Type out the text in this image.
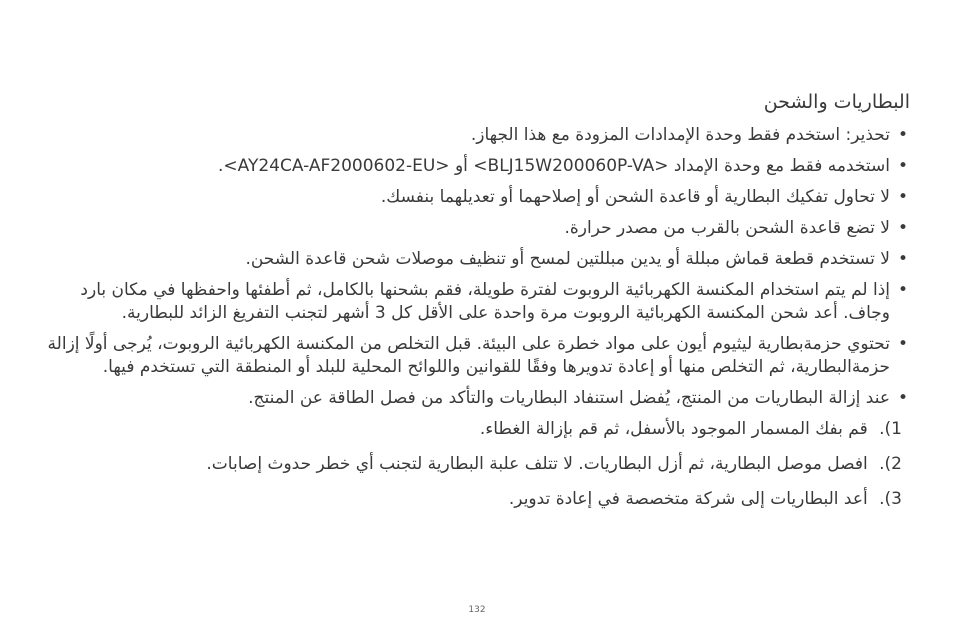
البطاريات والشحن
• تحذير: استخدم فقط وحدة الإمدادات المزودة مع هذا الجهاز.
• استخدمه فقط مع وحدة الإمداد <BLJ15W200060P-VA> أو <AY24CA-AF2000602-EU>.
• لا تحاول تفكيك البطارية أو قاعدة الشحن أو إصلاحهما أو تعديلهما بنفسك.
• لا تضع قاعدة الشحن بالقرب من مصدر حرارة.
• لا تستخدم قطعة قماش مبللة أو يدين مبللتين لمسح أو تنظيف موصلات شحن قاعدة الشحن.
• إذا لم يتم استخدام المكنسة الكهربائية الروبوت لفترة طويلة، فقم بشحنها بالكامل، ثم أطفئها واحفظها في مكان بارد وجاف. أعد شحن المكنسة الكهربائية الروبوت مرة واحدة على الأقل كل 3 أشهر لتجنب التفريغ الزائد للبطارية.
• تحتوي حزمةبطارية ليثيوم أيون على مواد خطرة على البيئة. قبل التخلص من المكنسة الكهربائية الروبوت، يُرجى أولًا إزالة حزمةالبطارية، ثم التخلص منها أو إعادة تدويرها وفقًا للقوانين واللوائح المحلية للبلد أو المنطقة التي تستخدم فيها.
• عند إزالة البطاريات من المنتج، يُفضل استنفاد البطاريات والتأكد من فصل الطاقة عن المنتج.
1). قم بفك المسمار الموجود بالأسفل، ثم قم بإزالة الغطاء.
2). افصل موصل البطارية، ثم أزل البطاريات. لا تتلف علبة البطارية لتجنب أي خطر حدوث إصابات.
3). أعد البطاريات إلى شركة متخصصة في إعادة تدوير.
132
